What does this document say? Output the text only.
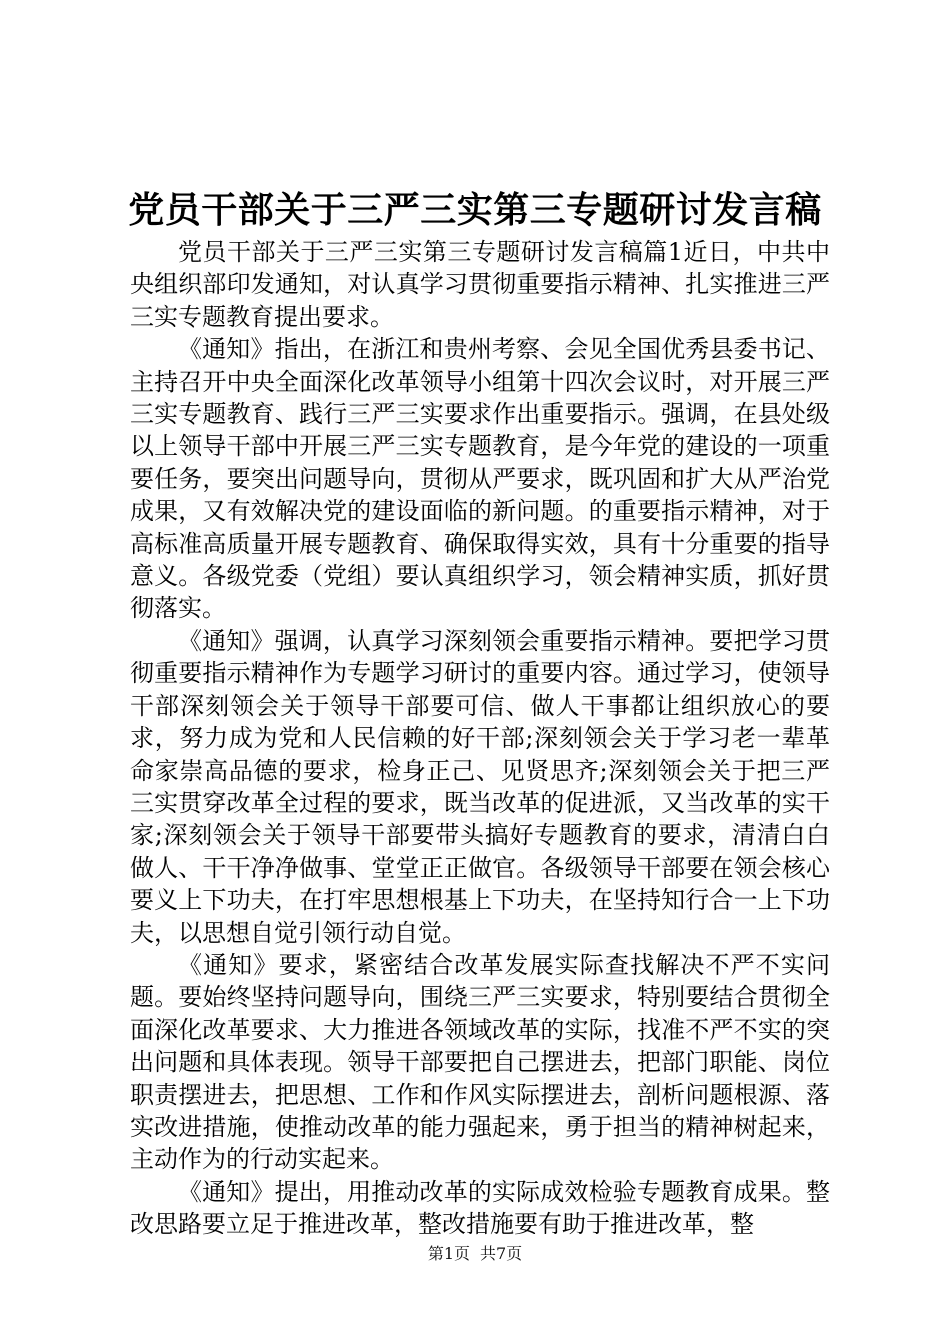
党员干部关于三严三实第三专题研讨发言稿

党员干部关于三严三实第三专题研讨发言稿篇1近日，中共中央组织部印发通知，对认真学习贯彻重要指示精神、扎实推进三严三实专题教育提出要求。

《通知》指出，在浙江和贵州考察、会见全国优秀县委书记、主持召开中央全面深化改革领导小组第十四次会议时，对开展三严三实专题教育、践行三严三实要求作出重要指示。强调，在县处级以上领导干部中开展三严三实专题教育，是今年党的建设的一项重要任务，要突出问题导向，贯彻从严要求，既巩固和扩大从严治党成果，又有效解决党的建设面临的新问题。的重要指示精神，对于高标准高质量开展专题教育、确保取得实效，具有十分重要的指导意义。各级党委（党组）要认真组织学习，领会精神实质，抓好贯彻落实。

《通知》强调，认真学习深刻领会重要指示精神。要把学习贯彻重要指示精神作为专题学习研讨的重要内容。通过学习，使领导干部深刻领会关于领导干部要可信、做人干事都让组织放心的要求，努力成为党和人民信赖的好干部;深刻领会关于学习老一辈革命家崇高品德的要求，检身正己、见贤思齐;深刻领会关于把三严三实贯穿改革全过程的要求，既当改革的促进派，又当改革的实干家;深刻领会关于领导干部要带头搞好专题教育的要求，清清白白做人、干干净净做事、堂堂正正做官。各级领导干部要在领会核心要义上下功夫，在打牢思想根基上下功夫，在坚持知行合一上下功夫，以思想自觉引领行动自觉。

《通知》要求，紧密结合改革发展实际查找解决不严不实问题。要始终坚持问题导向，围绕三严三实要求，特别要结合贯彻全面深化改革要求、大力推进各领域改革的实际，找准不严不实的突出问题和具体表现。领导干部要把自己摆进去，把部门职能、岗位职责摆进去，把思想、工作和作风实际摆进去，剖析问题根源、落实改进措施，使推动改革的能力强起来，勇于担当的精神树起来，主动作为的行动实起来。

《通知》提出，用推动改革的实际成效检验专题教育成果。整改思路要立足于推进改革，整改措施要有助于推进改革，整

第1页 共7页
